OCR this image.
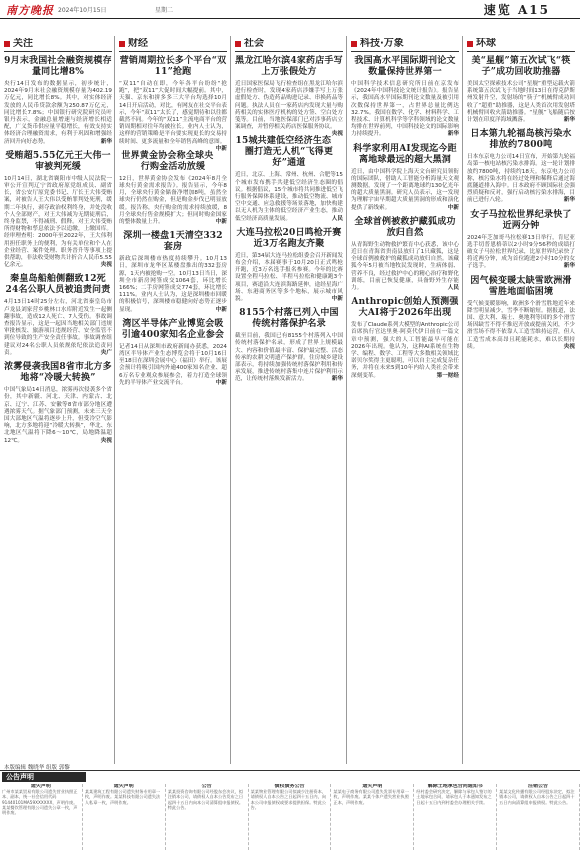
南方晚报 2024年10月15日	星期二	速览 A15
关注
9月末我国社会融资规模存量同比增8%
央行14日发布的数据显示，初步统计，2024年9月末社会融资规模存量为402.19万亿元，同比增长8%。其中，对实体经济发放的人民币贷款余额为250.87万亿元，同比增长7.8%；中国银行研究院研究员叶银丹表示，金融总量增速与经济增长相适配，广义货币供应量平稳增长，有效支持实体经济合理融资需求，有利于巩固和增强经济回升向好态势。	新华
受贿超5.55亿元王大伟一审被判死缓
10月14日，湖北省襄阳市中级人民法院一审公开宣判辽宁省政府原党组成员、副省长，省公安厅原党委书记、厅长王大伟受贿案，对被告人王大伟以受贿罪判处死刑，缓期二年执行，剥夺政治权利终身，并处没收个人全部财产，对王大伟减为无期徒刑后，终身监禁，不得减刑、假释。对王大伟受贿所得财物和孳息依法予以追缴，上缴国库。经审理查明：2000年至2022年，王大伟利用担任职务上的便利，为有关单位和个人在企业经营、案件处理、职务晋升等事项上提供帮助，非法收受财物共计折合人民币5.55亿余元。	央视
秦皇岛船舶侧翻致12死24名公职人员被追责问责
4月13日14时25分左右，河北省秦皇岛市卢龙县刘家营乡桃林口水库附近发生一起侧翻事故，造成12人死亡、7人受伤。事故调查报告显示，这是一起因当地相关部门违规审批核发、旅游项目违规经营、安全监管不到位导致的生产安全责任事故。事故调查组建议对24名公职人员依规依纪依法追责问责。	央广
浓雾侵袭我国8省市北方多地将“冷暖大转换”
中国气象局14日消息，浓雾再次侵袭多个省份，其中新疆、河北、天津、内蒙古、北京、辽宁、江苏、安徽等8省市部分地区遭遇浓雾天气。据气象部门预测，未来三天全国大部地区气温将逐步上升，但受冷空气影响，北方多地将迎“冷暖大转换”，华北、东北地区气温将下降6～10℃，局地降温超12℃。	央视
财经
营销周期拉长多个平台“双11”抢跑
“双11”自动在即，今年各平台纷纷“抢跑”，把“双11”大促时间大幅提前。其中，天猫、京东和拼多多三大平台均选择10月14日开启活动，对比，有网友在社交平台表示，今年“双11”太长了，感觉期待和以往都截然不同。今年的“双11”主流电商平台的营销周期相对往年均被拉长。业内人士认为，这样的营销策略是平台要实现更长的交易持续时间、更多流量和全年销售高峰的意图。
中新
世界黄金协会称全球央行购金活动放缓
12日，世界黄金协会发布《2024年8月全球央行黄金需求报告》。报告显示，今年8月，全球央行黄金储备净增加8吨，虽然全球央行仍然在购金，但是购金步伐已明显放缓。报告称，央行购金的需求持续放缓，8月全球央行售金规模扩大；但同时购金国家的整体数量上升。	中新
深圳一楼盘1天清空332套房
新政后深圳楼市热度持续攀升。10月13日，深圳市龙华区某楼盘推出的332套房源，1天内被抢购一空。10月13日当日，深圳全市新房网签成交1064套，环比增长166%；二手房网签成交774套，环比增长111%。业内人士认为，这是深圳楼市回暖的积极信号，深圳楼市稳健向好态势正逐步显现。	中新
湾区半导体产业博览会吸引逾400家知名企业参会
记者14日从深圳市政府新闻办获悉，2024湾区半导体产业生态博览会将于10月16日至18日在深圳会展中心（福田）举行。该展会预计将吸引国内外逾400家知名企业、超6万名专业观众参展参会，着力打造全球领先的半导体产业交流平台。	中新
社会
黑龙江哈尔滨4家药店手写上万张假处方
近日国家医保局飞行检查组在黑龙江哈尔滨进行检查时，发现4家药店涉嫌手写上万张虚假处方、伪造药品购进记录、串换药品等问题。执法人员在一家药店内发现大量与购药相关的实体医疗机构的处方签、空白处方笺等。目前，当地医保部门已对涉事药店立案调查，并暂停相关药店医保服务协议。
央视
15城共建低空经济生态圈打造无人机“飞得更好”通道
近日，北京、上海、常州、杭州、合肥等15个城市发布携手共建低空经济生态圈的倡议。根据倡议，15个城市将共同推进低空飞行服务保障体系建设，推动低空物流、城市空中交通、应急救援等场景落地，加快构建以无人机为主体的低空经济产业生态，推动低空经济高质量发展。	人民
大连马拉松20日鸣枪开赛近3万名跑友齐聚
近日，第34届大连马拉松组委会召开新闻发布会介绍，本届赛事于10月20日正式鸣枪开跑，近3万名选手报名参赛。今年的比赛设置全程马拉松、半程马拉松和健康跑3个项目，赛道沿大连滨海路延伸，途经星海广场、东港商务区等多个地标，展示城市风貌。	中新
8155个村落已列入中国传统村落保护名录
截至目前，我国已有8155个村落列入中国传统村落保护名录，形成了世界上规模最大、内容和价值最丰富、保护最完整、活态传承的农耕文明遗产保护群。住房城乡建设部表示，将持续加强传统村落保护利用和传承发展，推进传统村落集中连片保护利用示范，让传统村落焕发新活力。	新华
科技·万象
我国高水平国际期刊论文数量保持世界第一
中国科学技术信息研究所日前在京发布《2024年中国科技论文统计报告》。报告显示，我国高水平国际期刊论文数量及被引用次数保持世界第一，占世界总量比例达32.7%。我国在数学、化学、材料科学、工程技术、计算机科学等学科领域的论文数量均排在世界前列，中国科技论文的国际影响力持续提升。	新华
科学家利用AI发现迄今距离地球最远的超大黑洞
近日，由中国科学院上海天文台研究员领衔的国际团队，借助人工智能分析海量天文观测数据，发现了一个距离地球约130亿光年的超大质量黑洞。研究人员表示，这一发现为理解宇宙早期超大质量黑洞的形成和演化提供了新线索。	中新
全球首例被救护藏狐成功放归自然
从青海野生动物救护繁育中心获悉，该中心近日在青海省贵南县放归了1只藏狐，这是全球首例被救护的藏狐成功放归自然。该藏狐今年5月被当地牧民发现时，生病体弱、营养不良，经过救护中心的精心治疗和野化训练，目前已恢复健康，具备野外生存能力。	人民
Anthropic创始人预测强大AI将于2026年出现
发布了Claude系列大模型的Anthropic公司首席执行官达里奥·阿莫代伊日前在一篇文章中预测，强大的人工智能最早可能在2026年出现。他认为，这种AI系统在生物学、编程、数学、工程等大多数相关领域比诺贝尔奖得主更聪明，可以自主完成复杂任务，并将在未来5到10年内给人类社会带来深刻变革。	第一财经
环球
美“星舰”第五次试飞“筷子”成功回收助推器
美国太空探索技术公司“星舰”重型运载火箭系统第五次试飞于当地时间13日在得克萨斯州发射升空，发射场的“筷子”机械臂成功回收了“超重”助推器，这是人类首次用发射塔机械臂回收火箭助推器。“星舰”飞船随后按计划在印度洋海域溅落。	新华
日本第九轮福岛核污染水排放约7800吨
日本东京电力公司14日宣布，开始第九轮福岛第一核电站核污染水排海。这一轮计划排放约7800吨，持续约18天。东京电力公司称，核污染水将在经过处理和稀释后通过海底隧道排入海中。日本政府不顾国际社会强烈质疑和反对，强行启动核污染水排海，目前已进行八轮。	新华
女子马拉松世界纪录快了近两分钟
2024年芝加哥马拉松赛13日举行，肯尼亚选手切普恩格蒂以2小时9分56秒的成绩打破女子马拉松世界纪录，比原世界纪录快了将近两分钟，成为首位跑进2小时10分的女子选手。	新华
因气候变暖太缺雪欧洲滑雪胜地面临困境
受气候变暖影响，欧洲多个滑雪胜地近年来降雪明显减少，雪季不断缩短。据报道，法国、意大利、瑞士、奥地利等国的多个滑雪场因缺雪不得不推迟开放或提前关闭，不少滑雪场不得不依靠人工造雪维持运营，但人工造雪成本高昂且耗能耗水，难以长期持续。	央视
本版编辑 魏晓华 组版 郭黎
公告声明
遗失声明
广州市某某贸易有限公司遗失营业执照正本、副本，统一社会信用代码91440101MA59XXXXXX，声明作废。某某餐饮管理有限公司遗失公章一枚，声明作废。
遗失声明
某某建筑工程有限公司遗失财务专用章一枚，声明作废。某某科技有限公司遗失法人私章一枚，声明作废。
公告
某某投资咨询有限公司经股东会决议，拟注销本公司，请债权人自本公告发布之日起四十五日内向本公司清算组申报债权。特此公告。
债权债务公告
某某物业管理有限公司拟减少注册资本，请债权人自本公告之日起四十五日内，向本公司申报债权或要求提供担保。特此公告。
遗失声明
某某电子商务有限公司遗失发票专用章一枚，声明作废。某某个体户遗失营业执照正本，声明作废。
解除土地承包合同通知书
经村委会研究决定，解除与承包人签订的土地承包合同，请承包人于本通知发布之日起十五日内到村委会办理相关手续。
注销公告
某某文化传播有限公司经股东决定，拟注销本公司，请债权人自本公告之日起四十五日内向清算组申报债权。特此公告。
